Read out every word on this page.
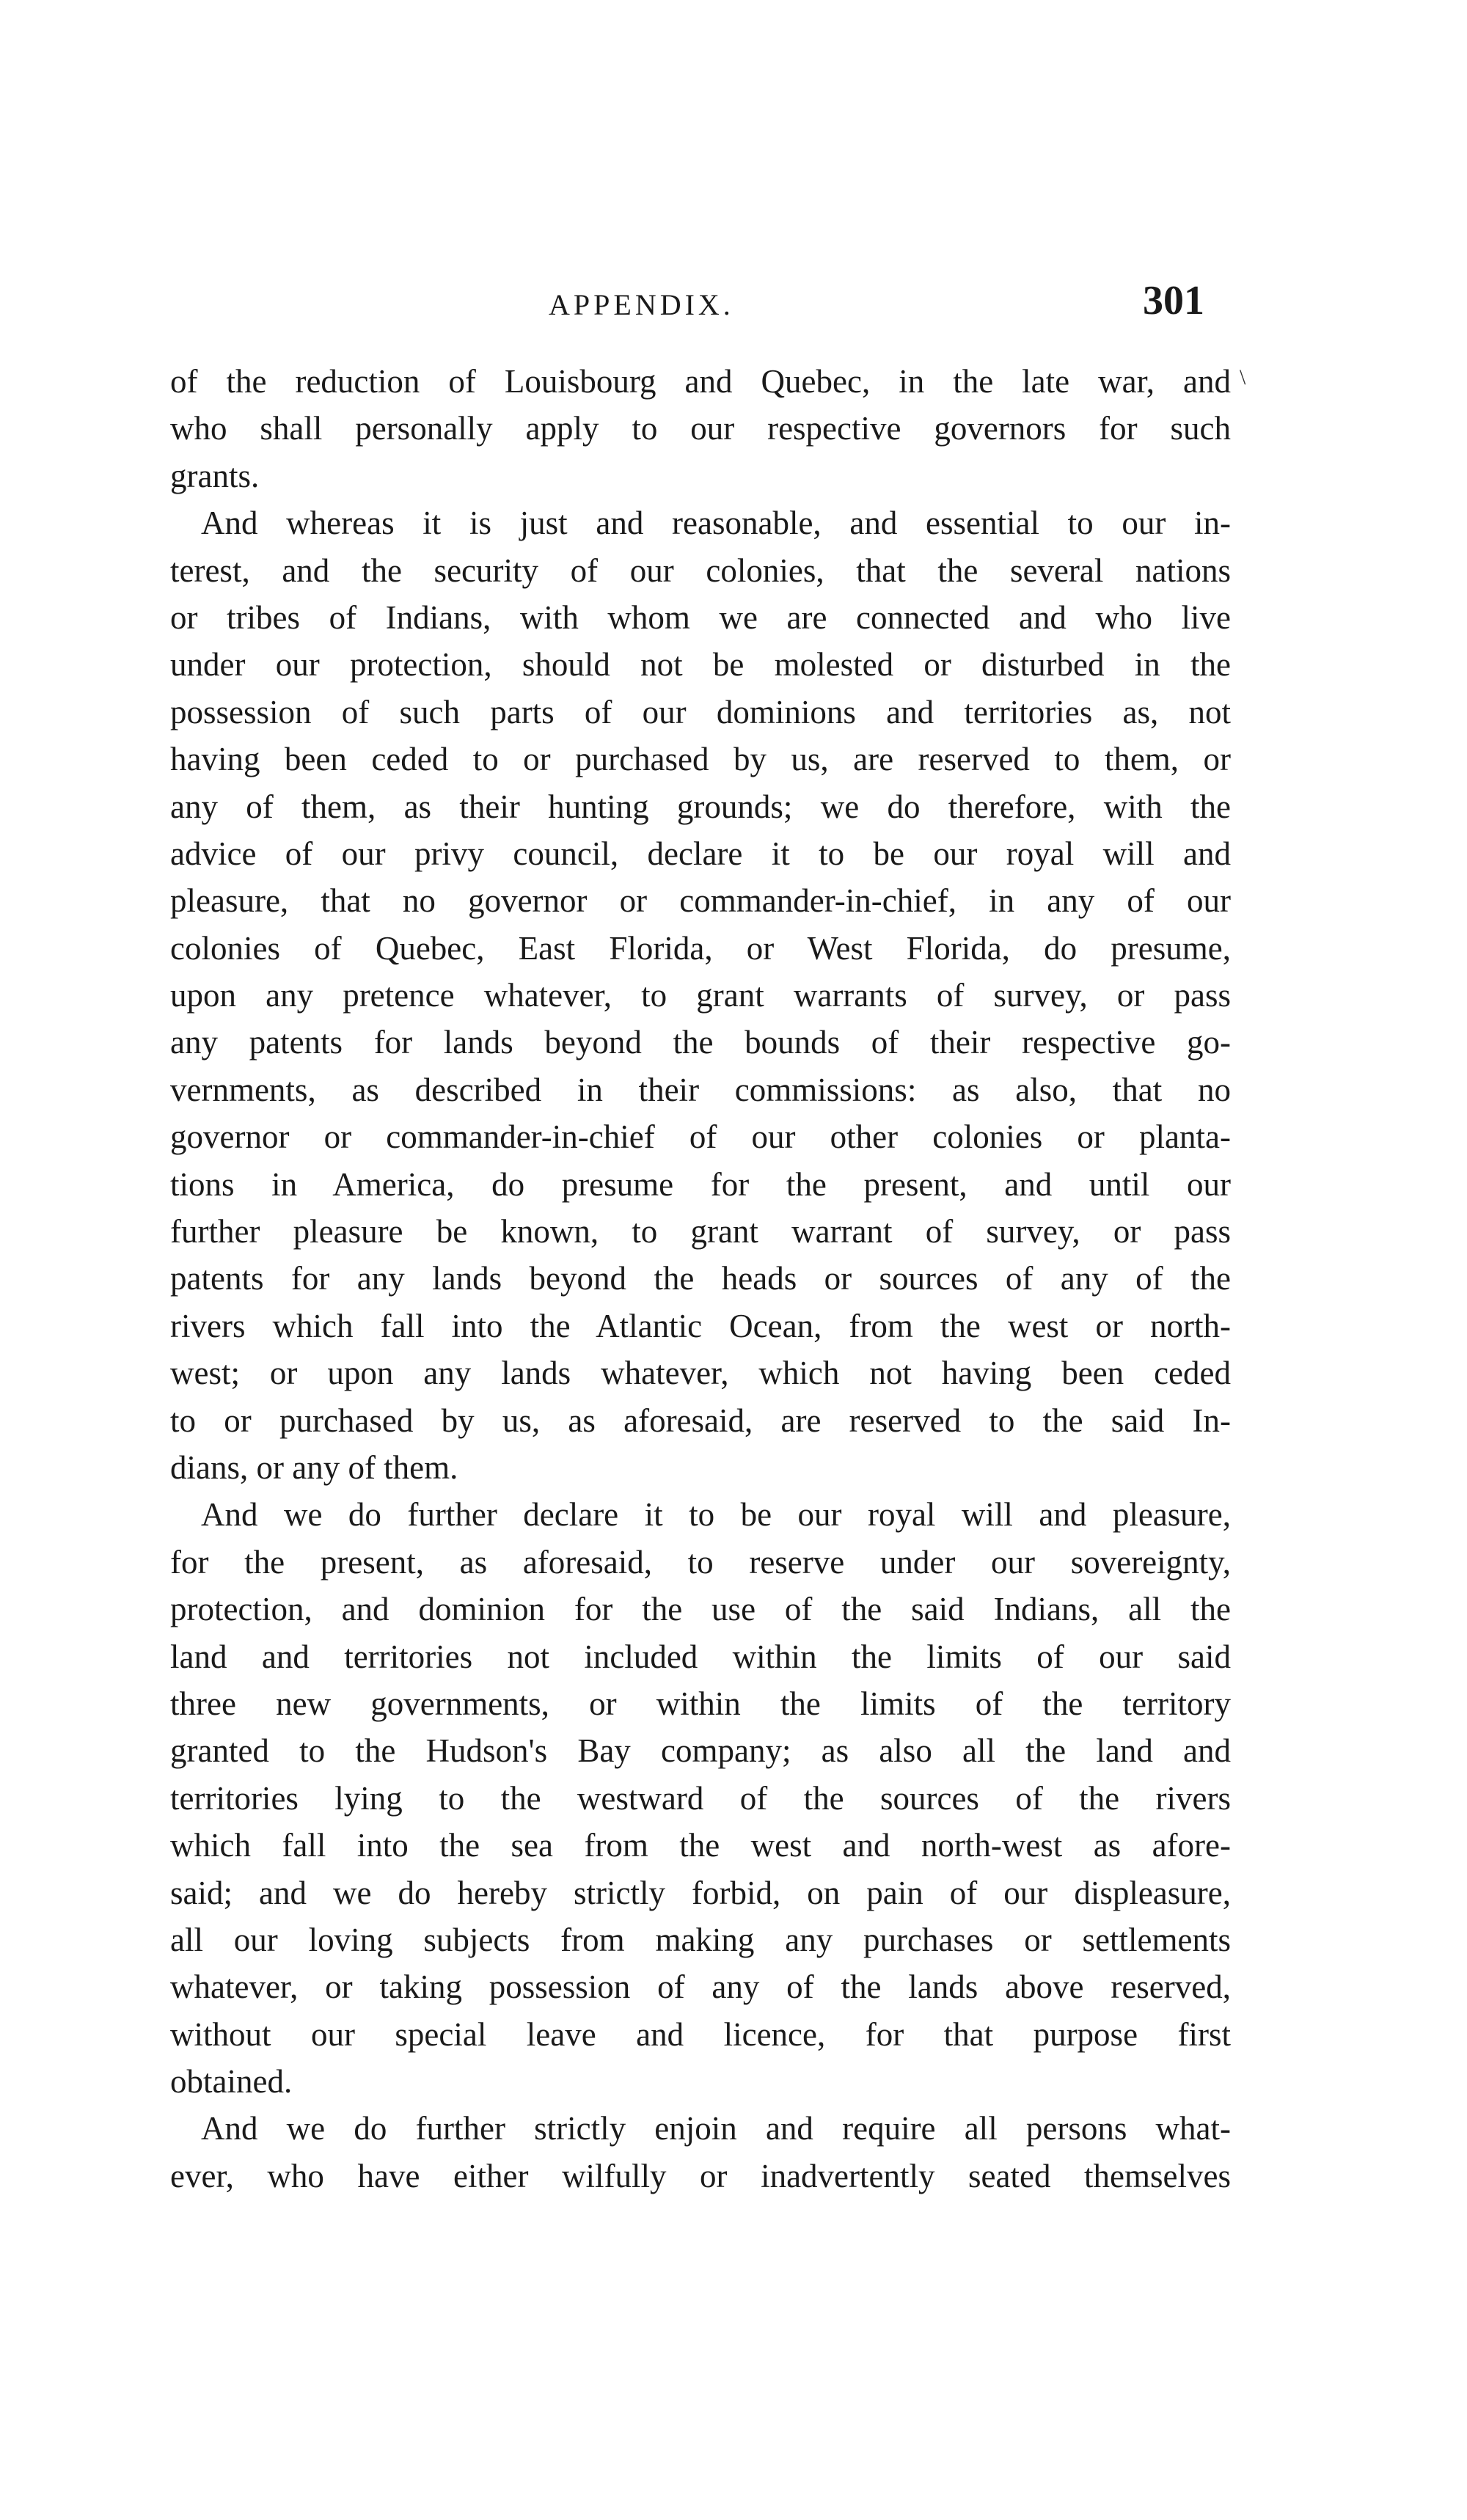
APPENDIX.	301
\
of the reduction of Louisbourg and Quebec, in the late war, and
who shall personally apply to our respective governors for such
grants.
And whereas it is just and reasonable, and essential to our in-
terest, and the security of our colonies, that the several nations
or tribes of Indians, with whom we are connected and who live
under our protection, should not be molested or disturbed in the
possession of such parts of our dominions and territories as, not
having been ceded to or purchased by us, are reserved to them, or
any of them, as their hunting grounds; we do therefore, with the
advice of our privy council, declare it to be our royal will and
pleasure, that no governor or commander-in-chief, in any of our
colonies of Quebec, East Florida, or West Florida, do presume,
upon any pretence whatever, to grant warrants of survey, or pass
any patents for lands beyond the bounds of their respective go-
vernments, as described in their commissions: as also, that no
governor or commander-in-chief of our other colonies or planta-
tions in America, do presume for the present, and until our
further pleasure be known, to grant warrant of survey, or pass
patents for any lands beyond the heads or sources of any of the
rivers which fall into the Atlantic Ocean, from the west or north-
west; or upon any lands whatever, which not having been ceded
to or purchased by us, as aforesaid, are reserved to the said In-
dians, or any of them.
And we do further declare it to be our royal will and pleasure,
for the present, as aforesaid, to reserve under our sovereignty,
protection, and dominion for the use of the said Indians, all the
land and territories not included within the limits of our said
three new governments, or within the limits of the territory
granted to the Hudson's Bay company; as also all the land and
territories lying to the westward of the sources of the rivers
which fall into the sea from the west and north-west as afore-
said; and we do hereby strictly forbid, on pain of our displeasure,
all our loving subjects from making any purchases or settlements
whatever, or taking possession of any of the lands above reserved,
without our special leave and licence, for that purpose first
obtained.
And we do further strictly enjoin and require all persons what-
ever, who have either wilfully or inadvertently seated themselves
